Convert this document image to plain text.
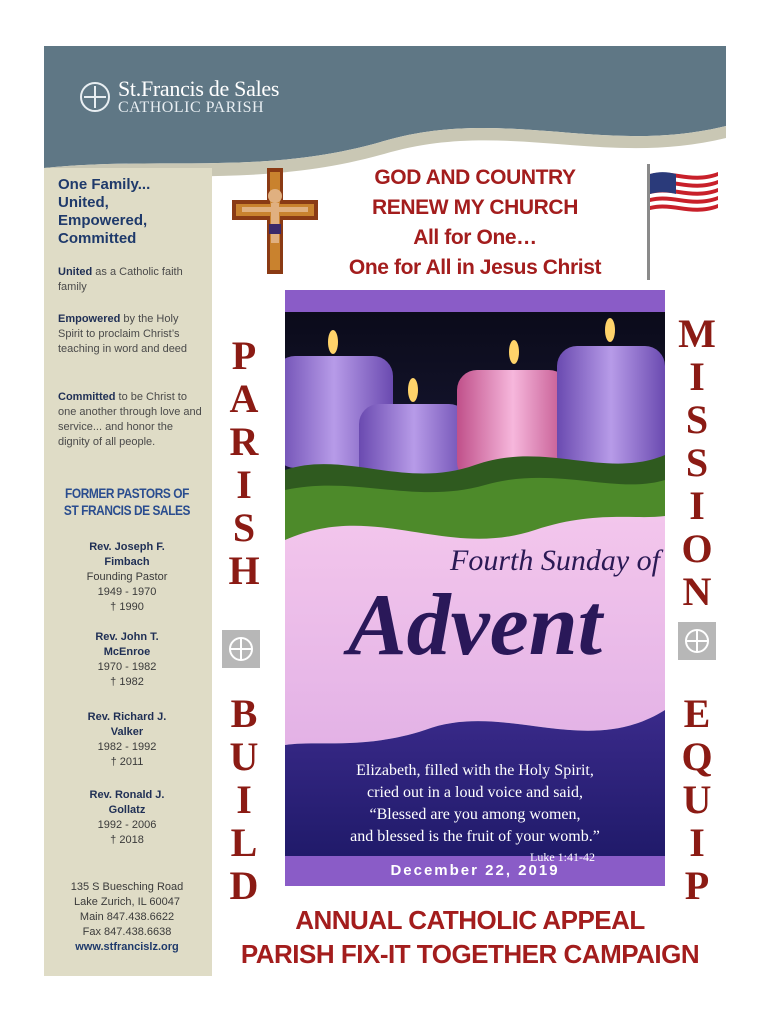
St.Francis de Sales
CATHOLIC PARISH
One Family...
United,
Empowered,
Committed
United as a Catholic faith family
Empowered by the Holy Spirit to proclaim Christ’s teaching in word and deed
Committed to be Christ to one another through love and service... and honor the dignity of all people.
FORMER PASTORS OF
ST FRANCIS DE SALES
Rev. Joseph F.
Fimbach
Founding Pastor
1949 - 1970
† 1990
Rev. John T.
McEnroe
1970 - 1982
† 1982
Rev. Richard J.
Valker
1982 - 1992
† 2011
Rev. Ronald J.
Gollatz
1992 - 2006
† 2018
135 S Buesching Road
Lake Zurich, IL 60047
Main 847.438.6622
Fax 847.438.6638
www.stfrancislz.org
GOD AND COUNTRY
RENEW MY CHURCH
All for One…
One for All in Jesus Christ
P
A
R
I
S
H
B
U
I
L
D
M
I
S
S
I
O
N
E
Q
U
I
P
Fourth Sunday of
Advent
Elizabeth, filled with the Holy Spirit,
cried out in a loud voice and said,
“Blessed are you among women,
and blessed is the fruit of your womb.”
Luke 1:41-42
December 22, 2019
ANNUAL CATHOLIC APPEAL
PARISH FIX-IT TOGETHER CAMPAIGN
